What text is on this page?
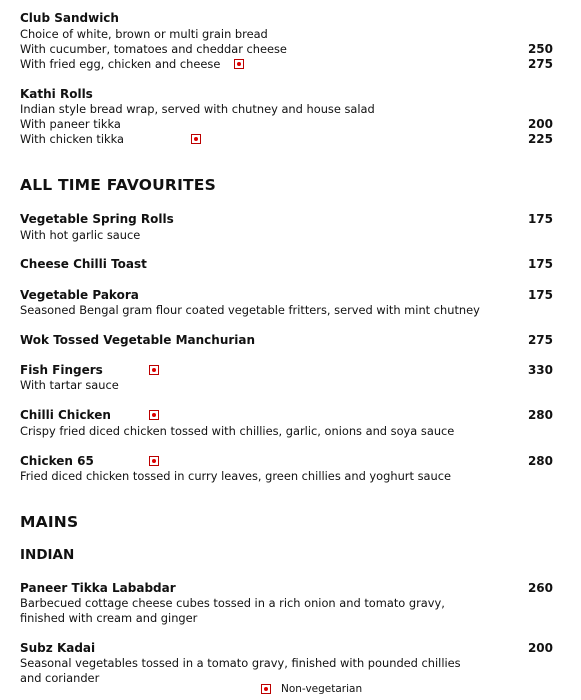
Club Sandwich
Choice of white, brown or multi grain bread
With cucumber, tomatoes and cheddar cheese	250
With fried egg, chicken and cheese	275
Kathi Rolls
Indian style bread wrap, served with chutney and house salad
With paneer tikka	200
With chicken tikka	225
ALL TIME FAVOURITES
Vegetable Spring Rolls	175
With hot garlic sauce
Cheese Chilli Toast	175
Vegetable Pakora	175
Seasoned Bengal gram flour coated vegetable fritters, served with mint chutney
Wok Tossed Vegetable Manchurian	275
Fish Fingers	330
With tartar sauce
Chilli Chicken	280
Crispy fried diced chicken tossed with chillies, garlic, onions and soya sauce
Chicken 65	280
Fried diced chicken tossed in curry leaves, green chillies and yoghurt sauce
MAINS
INDIAN
Paneer Tikka Lababdar	260
Barbecued cottage cheese cubes tossed in a rich onion and tomato gravy,
finished with cream and ginger
Subz Kadai	200
Seasonal vegetables tossed in a tomato gravy, finished with pounded chillies
and coriander
Non-vegetarian
